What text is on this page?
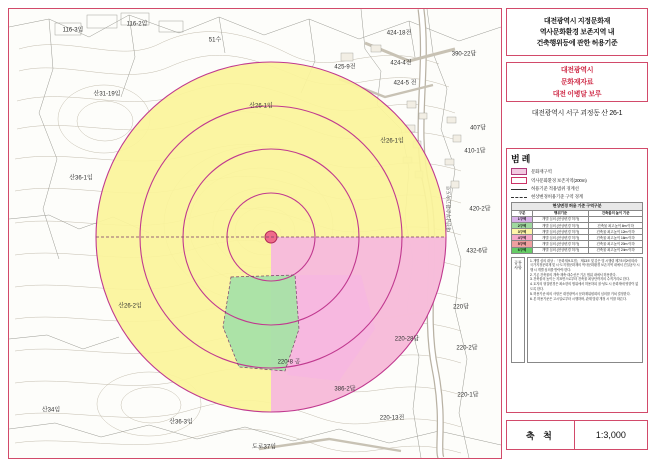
산26-1임
산26-1임
산26-2임
산31-19임
산36-1임
산34임
산36-3임
51수
116-3임
116-2임
425-9전
424-18전
424-4전
424-5 전
390-22답
407답
410-1답
420-2답
432-6답
220답
220-28답
220-8 공
220-13전
220-2답
220-1답
386-2답
도로37임
대전남부순환고속도로
대전광역시 지정문화재
역사문화환경 보존지역 내
건축행위등에 관한 허용기준
대전광역시
문화재자료
대전 이병달 보루
대전광역시 서구 괴정동 산 26-1
범 례
문화재구역
역사문화환경 보존지역(200m)
허용기준 적용범위 경계선
현상변경허용기준 구역 경계
현상변경 허용 기준 구역구분		
구분	행위기준	건축물의 높이 기준
1구역	개별 심의 (현상변경 허가)	
2구역	개별 심의 (현상변경 허가)	건축물 최고높이 8m 이하
3구역	개별 심의 (현상변경 허가)	건축물 최고높이 12m 이하
4구역	개별 심의 (현상변경 허가)	건축물 최고높이 16m 이하
5구역	개별 심의 (현상변경 허가)	건축물 최고높이 20m 이하
6구역	개별 심의 (현상변경 허가)	건축물 최고높이 24m 이하
공통 사항

1. 개별 심의 대상 : 「문화재보호법」 제13조 및 같은 법 시행령 제7조의2에 따라 국가지정문화재 및 시·도지정문화재의 역사문화환경 보존지역 내에서 건설공사 시행 시 개별 심의를 받아야 한다.

2. 기존 건축물의 개축·재축·대수선은 기존 범위 내에서 허용한다.

3. 건축물의 높이는 지표면으로부터 건축물 최상단까지의 수직거리로 한다.

4. 토지의 형질변경은 최소한의 범위에서 허용하되 절·성토 시 문화재에 영향이 없도록 한다.

5. 허용기준 외의 사항은 대전광역시 문화재위원회의 심의를 거쳐 결정한다.

6. 본 허용기준은 고시일로부터 시행하며, 관계 법령 개정 시 이를 따른다.

축 척	1:3,000
